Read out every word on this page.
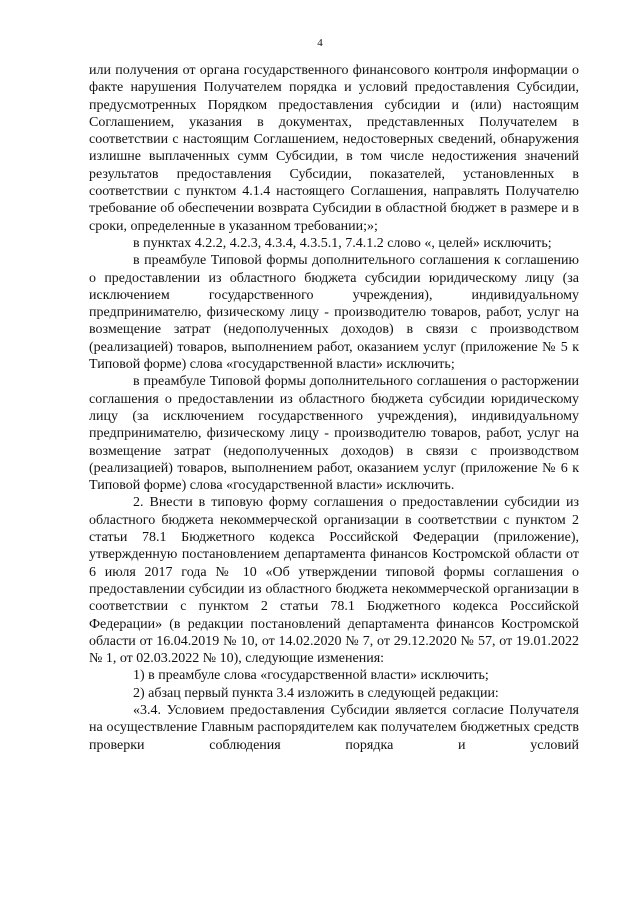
4

или получения от органа государственного финансового контроля информации о факте нарушения Получателем порядка и условий предоставления Субсидии, предусмотренных Порядком предоставления субсидии и (или) настоящим Соглашением, указания в документах, представленных Получателем в соответствии с настоящим Соглашением, недостоверных сведений, обнаружения излишне выплаченных сумм Субсидии, в том числе недостижения значений результатов предоставления Субсидии, показателей, установленных в соответствии с пунктом 4.1.4 настоящего Соглашения, направлять Получателю требование об обеспечении возврата Субсидии в областной бюджет в размере и в сроки, определенные в указанном требовании;»;

в пунктах 4.2.2, 4.2.3, 4.3.4, 4.3.5.1, 7.4.1.2 слово «, целей» исключить;

в преамбуле Типовой формы дополнительного соглашения к соглашению о предоставлении из областного бюджета субсидии юридическому лицу (за исключением государственного учреждения), индивидуальному предпринимателю, физическому лицу - производителю товаров, работ, услуг на возмещение затрат (недополученных доходов) в связи с производством (реализацией) товаров, выполнением работ, оказанием услуг (приложение № 5 к Типовой форме) слова «государственной власти» исключить;

в преамбуле Типовой формы дополнительного соглашения о расторжении соглашения о предоставлении из областного бюджета субсидии юридическому лицу (за исключением государственного учреждения), индивидуальному предпринимателю, физическому лицу - производителю товаров, работ, услуг на возмещение затрат (недополученных доходов) в связи с производством (реализацией) товаров, выполнением работ, оказанием услуг (приложение № 6 к Типовой форме) слова «государственной власти» исключить.

2. Внести в типовую форму соглашения о предоставлении субсидии из областного бюджета некоммерческой организации в соответствии с пунктом 2 статьи 78.1 Бюджетного кодекса Российской Федерации (приложение), утвержденную постановлением департамента финансов Костромской области от 6 июля 2017 года № 10 «Об утверждении типовой формы соглашения о предоставлении субсидии из областного бюджета некоммерческой организации в соответствии с пунктом 2 статьи 78.1 Бюджетного кодекса Российской Федерации» (в редакции постановлений департамента финансов Костромской области от 16.04.2019 № 10, от 14.02.2020 № 7, от 29.12.2020 № 57, от 19.01.2022 № 1, от 02.03.2022 № 10), следующие изменения:

1) в преамбуле слова «государственной власти» исключить;

2) абзац первый пункта 3.4 изложить в следующей редакции:

«3.4. Условием предоставления Субсидии является согласие Получателя на осуществление Главным распорядителем как получателем бюджетных средств проверки соблюдения порядка и условий
